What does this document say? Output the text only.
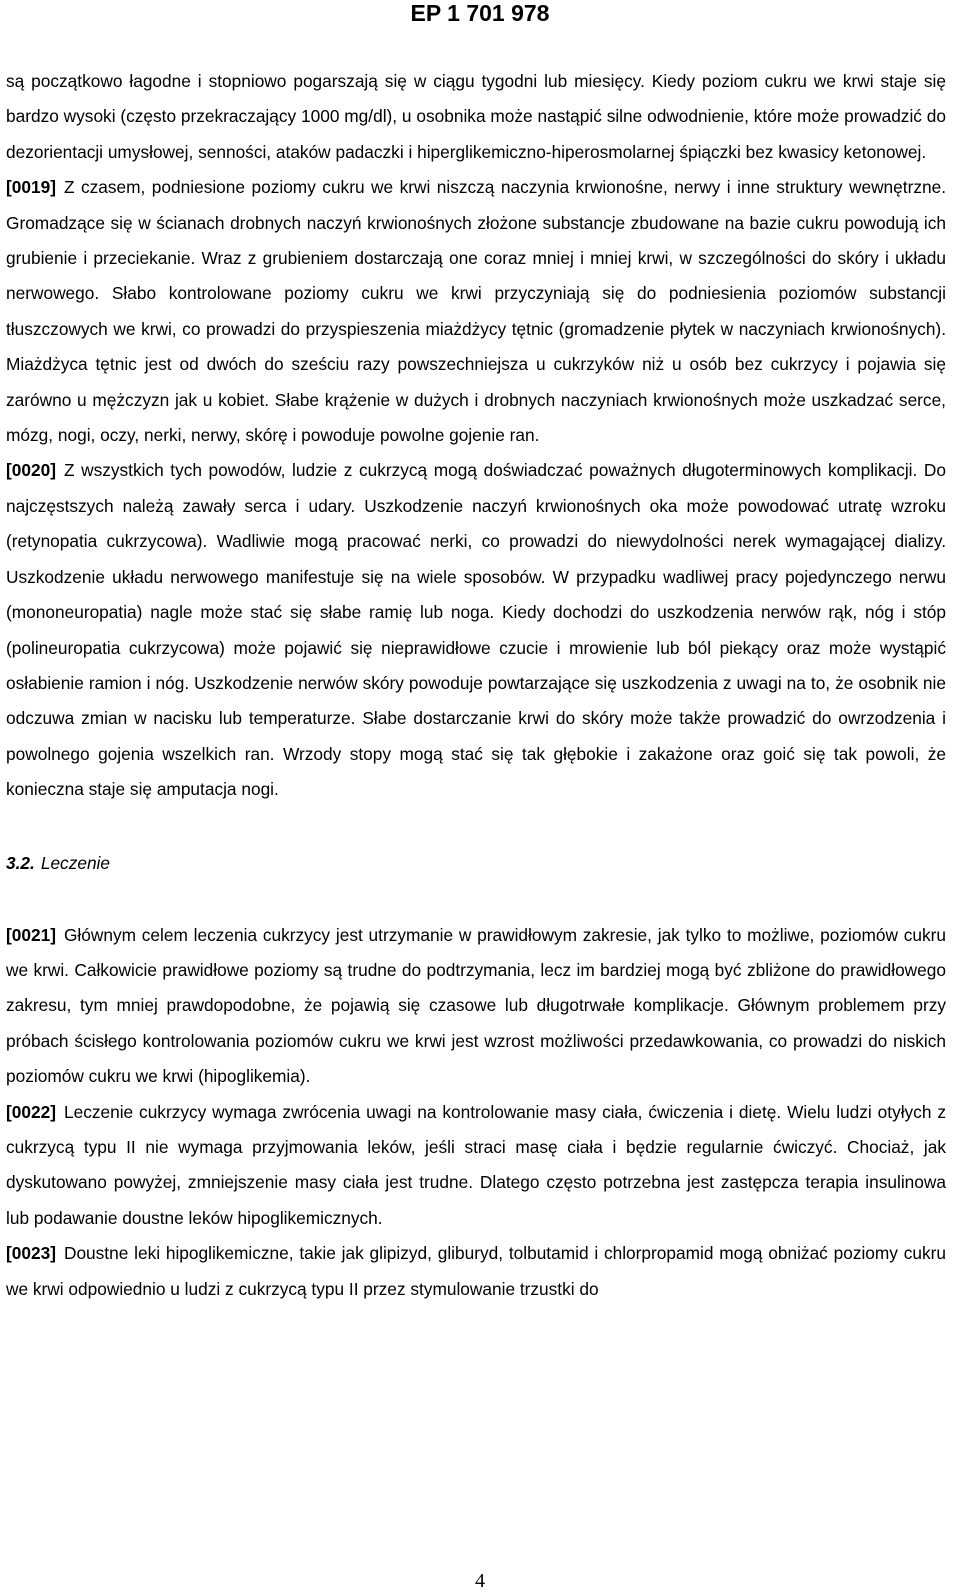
EP 1 701 978

są początkowo łagodne i stopniowo pogarszają się w ciągu tygodni lub miesięcy. Kiedy poziom cukru we krwi staje się bardzo wysoki (często przekraczający 1000 mg/dl), u osobnika może nastąpić silne odwodnienie, które może prowadzić do dezorientacji umysłowej, senności, ataków padaczki i hiperglikemiczno-hiperosmolarnej śpiączki bez kwasicy ketonowej.

[0019] Z czasem, podniesione poziomy cukru we krwi niszczą naczynia krwionośne, nerwy i inne struktury wewnętrzne. Gromadzące się w ścianach drobnych naczyń krwionośnych złożone substancje zbudowane na bazie cukru powodują ich grubienie i przeciekanie. Wraz z grubieniem dostarczają one coraz mniej i mniej krwi, w szczególności do skóry i układu nerwowego. Słabo kontrolowane poziomy cukru we krwi przyczyniają się do podniesienia poziomów substancji tłuszczowych we krwi, co prowadzi do przyspieszenia miażdżycy tętnic (gromadzenie płytek w naczyniach krwionośnych). Miażdżyca tętnic jest od dwóch do sześciu razy powszechniejsza u cukrzyków niż u osób bez cukrzycy i pojawia się zarówno u mężczyzn jak u kobiet. Słabe krążenie w dużych i drobnych naczyniach krwionośnych może uszkadzać serce, mózg, nogi, oczy, nerki, nerwy, skórę i powoduje powolne gojenie ran.

[0020] Z wszystkich tych powodów, ludzie z cukrzycą mogą doświadczać poważnych długoterminowych komplikacji. Do najczęstszych należą zawały serca i udary. Uszkodzenie naczyń krwionośnych oka może powodować utratę wzroku (retynopatia cukrzycowa). Wadliwie mogą pracować nerki, co prowadzi do niewydolności nerek wymagającej dializy. Uszkodzenie układu nerwowego manifestuje się na wiele sposobów. W przypadku wadliwej pracy pojedynczego nerwu (mononeuropatia) nagle może stać się słabe ramię lub noga. Kiedy dochodzi do uszkodzenia nerwów rąk, nóg i stóp (polineuropatia cukrzycowa) może pojawić się nieprawidłowe czucie i mrowienie lub ból piekący oraz może wystąpić osłabienie ramion i nóg. Uszkodzenie nerwów skóry powoduje powtarzające się uszkodzenia z uwagi na to, że osobnik nie odczuwa zmian w nacisku lub temperaturze. Słabe dostarczanie krwi do skóry może także prowadzić do owrzodzenia i powolnego gojenia wszelkich ran. Wrzody stopy mogą stać się tak głębokie i zakażone oraz goić się tak powoli, że konieczna staje się amputacja nogi.

3.2. Leczenie

[0021] Głównym celem leczenia cukrzycy jest utrzymanie w prawidłowym zakresie, jak tylko to możliwe, poziomów cukru we krwi. Całkowicie prawidłowe poziomy są trudne do podtrzymania, lecz im bardziej mogą być zbliżone do prawidłowego zakresu, tym mniej prawdopodobne, że pojawią się czasowe lub długotrwałe komplikacje. Głównym problemem przy próbach ścisłego kontrolowania poziomów cukru we krwi jest wzrost możliwości przedawkowania, co prowadzi do niskich poziomów cukru we krwi (hipoglikemia).

[0022] Leczenie cukrzycy wymaga zwrócenia uwagi na kontrolowanie masy ciała, ćwiczenia i dietę. Wielu ludzi otyłych z cukrzycą typu II nie wymaga przyjmowania leków, jeśli straci masę ciała i będzie regularnie ćwiczyć. Chociaż, jak dyskutowano powyżej, zmniejszenie masy ciała jest trudne. Dlatego często potrzebna jest zastępcza terapia insulinowa lub podawanie doustne leków hipoglikemicznych.

[0023] Doustne leki hipoglikemiczne, takie jak glipizyd, gliburyd, tolbutamid i chlorpropamid mogą obniżać poziomy cukru we krwi odpowiednio u ludzi z cukrzycą typu II przez stymulowanie trzustki do

4
